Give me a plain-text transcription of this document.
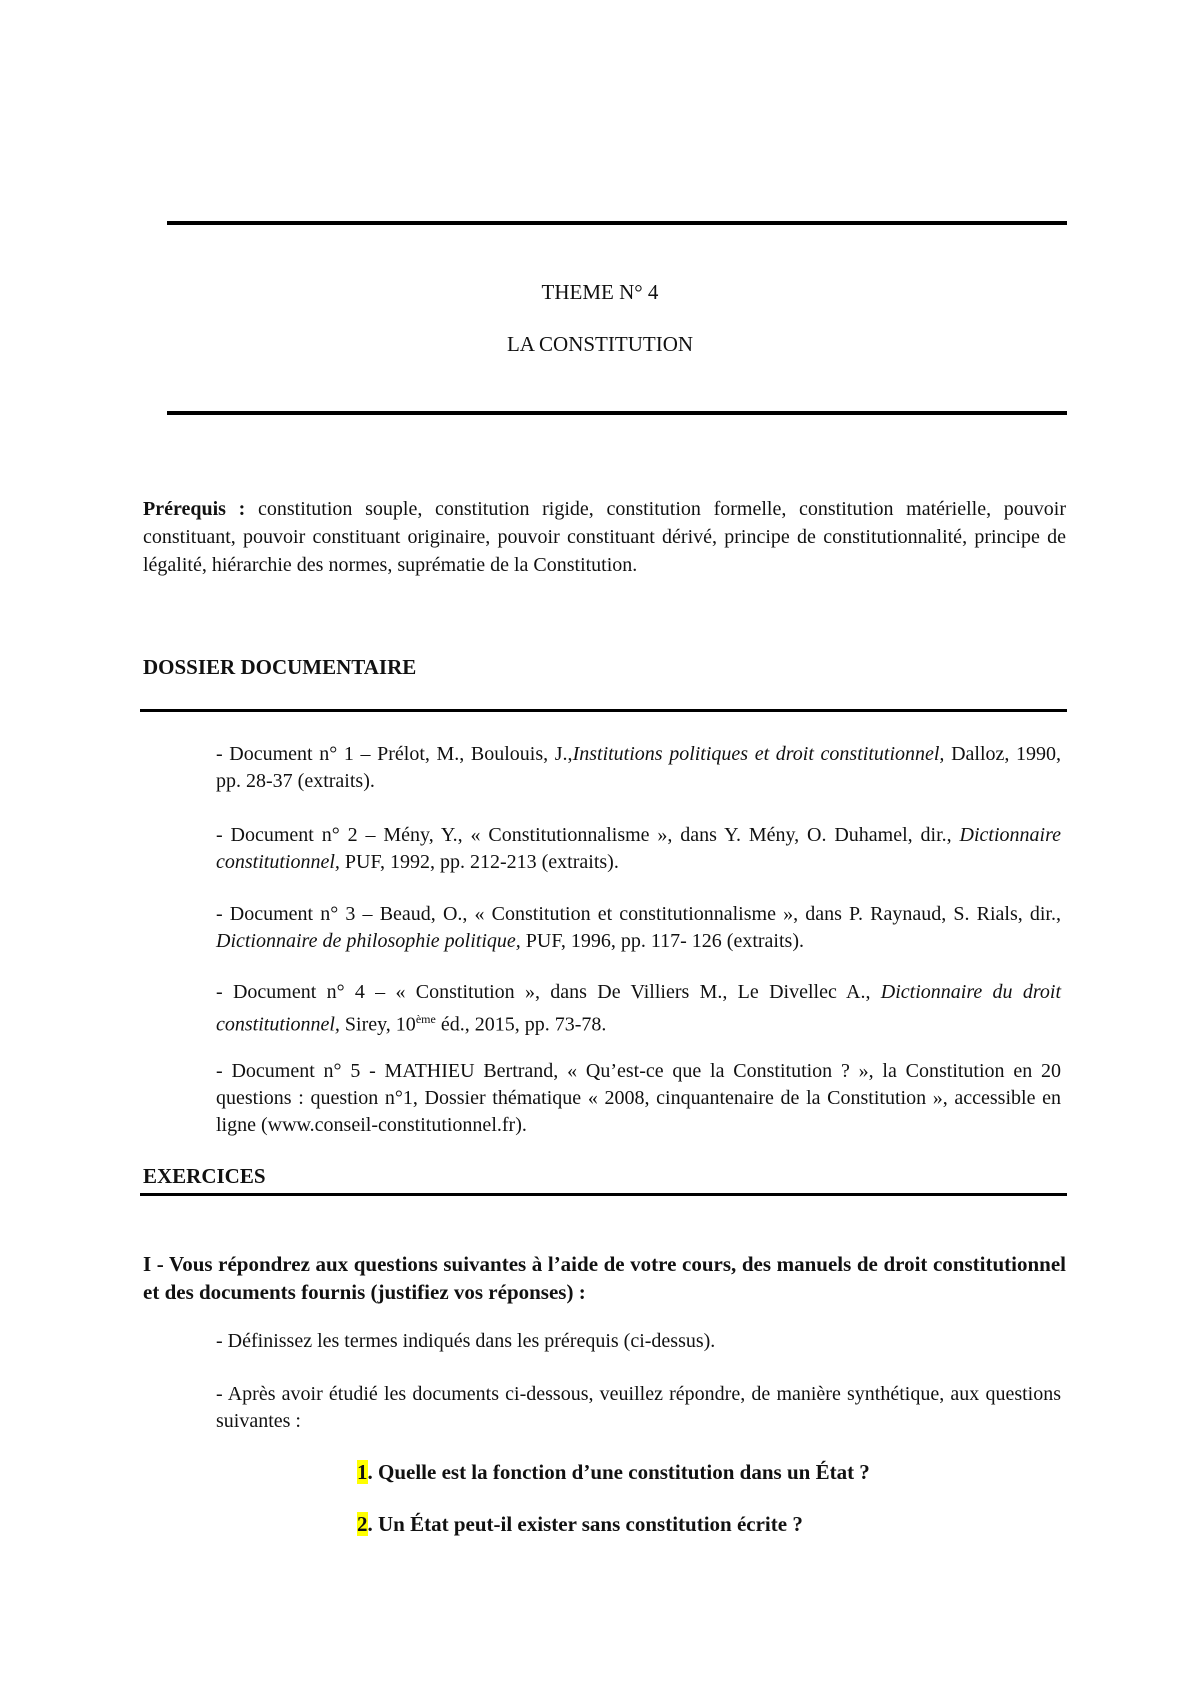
THEME N° 4
LA CONSTITUTION
Prérequis : constitution souple, constitution rigide, constitution formelle, constitution matérielle, pouvoir constituant, pouvoir constituant originaire, pouvoir constituant dérivé, principe de constitutionnalité, principe de légalité, hiérarchie des normes, suprématie de la Constitution.
DOSSIER DOCUMENTAIRE
- Document n° 1 – Prélot, M., Boulouis, J.,Institutions politiques et droit constitutionnel, Dalloz, 1990, pp. 28-37 (extraits).
- Document n° 2 – Mény, Y., « Constitutionnalisme », dans Y. Mény, O. Duhamel, dir., Dictionnaire constitutionnel, PUF, 1992, pp. 212-213 (extraits).
- Document n° 3 – Beaud, O., « Constitution et constitutionnalisme », dans P. Raynaud, S. Rials, dir., Dictionnaire de philosophie politique, PUF, 1996, pp. 117- 126 (extraits).
- Document n° 4 – « Constitution », dans De Villiers M., Le Divellec A., Dictionnaire du droit constitutionnel, Sirey, 10ème éd., 2015, pp. 73-78.
- Document n° 5 - MATHIEU Bertrand, « Qu’est-ce que la Constitution ? », la Constitution en 20 questions : question n°1, Dossier thématique « 2008, cinquantenaire de la Constitution », accessible en ligne (www.conseil-constitutionnel.fr).
EXERCICES
I - Vous répondrez aux questions suivantes à l’aide de votre cours, des manuels de droit constitutionnel et des documents fournis (justifiez vos réponses) :
- Définissez les termes indiqués dans les prérequis (ci-dessus).
- Après avoir étudié les documents ci-dessous, veuillez répondre, de manière synthétique, aux questions suivantes :
1. Quelle est la fonction d’une constitution dans un État ?
2. Un État peut-il exister sans constitution écrite ?
